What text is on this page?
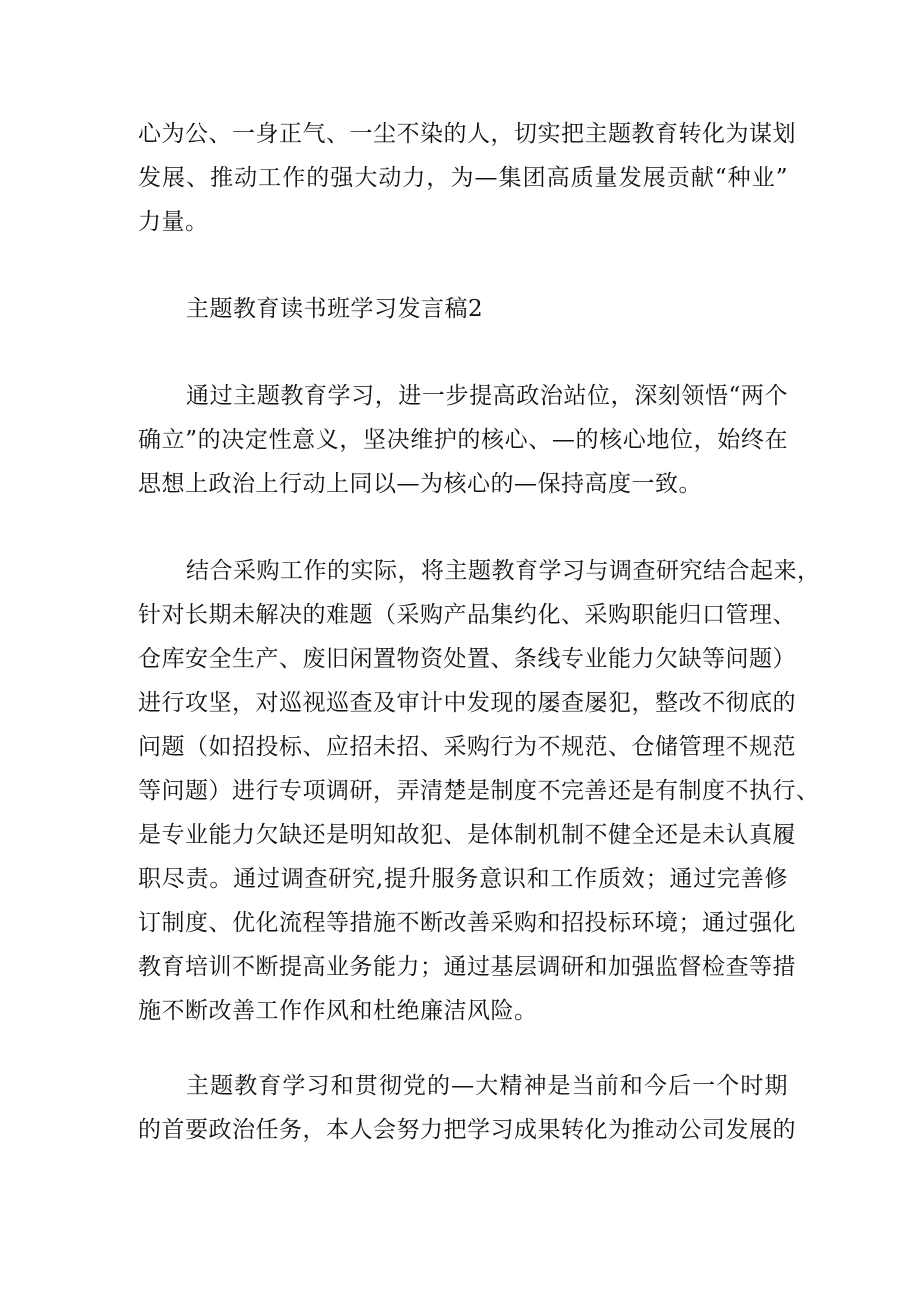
心为公、一身正气、一尘不染的人，切实把主题教育转化为谋划
发展、推动工作的强大动力，为—集团高质量发展贡献“种业”
力量。
主题教育读书班学习发言稿2
通过主题教育学习，进一步提高政治站位，深刻领悟“两个
确立”的决定性意义，坚决维护的核心、—的核心地位，始终在
思想上政治上行动上同以—为核心的—保持高度一致。
结合采购工作的实际，将主题教育学习与调查研究结合起来，
针对长期未解决的难题（采购产品集约化、采购职能归口管理、
仓库安全生产、废旧闲置物资处置、条线专业能力欠缺等问题）
进行攻坚，对巡视巡查及审计中发现的屡查屡犯，整改不彻底的
问题（如招投标、应招未招、采购行为不规范、仓储管理不规范
等问题）进行专项调研，弄清楚是制度不完善还是有制度不执行、
是专业能力欠缺还是明知故犯、是体制机制不健全还是未认真履
职尽责。通过调查研究,提升服务意识和工作质效；通过完善修
订制度、优化流程等措施不断改善采购和招投标环境；通过强化
教育培训不断提高业务能力；通过基层调研和加强监督检查等措
施不断改善工作作风和杜绝廉洁风险。
主题教育学习和贯彻党的—大精神是当前和今后一个时期
的首要政治任务，本人会努力把学习成果转化为推动公司发展的
